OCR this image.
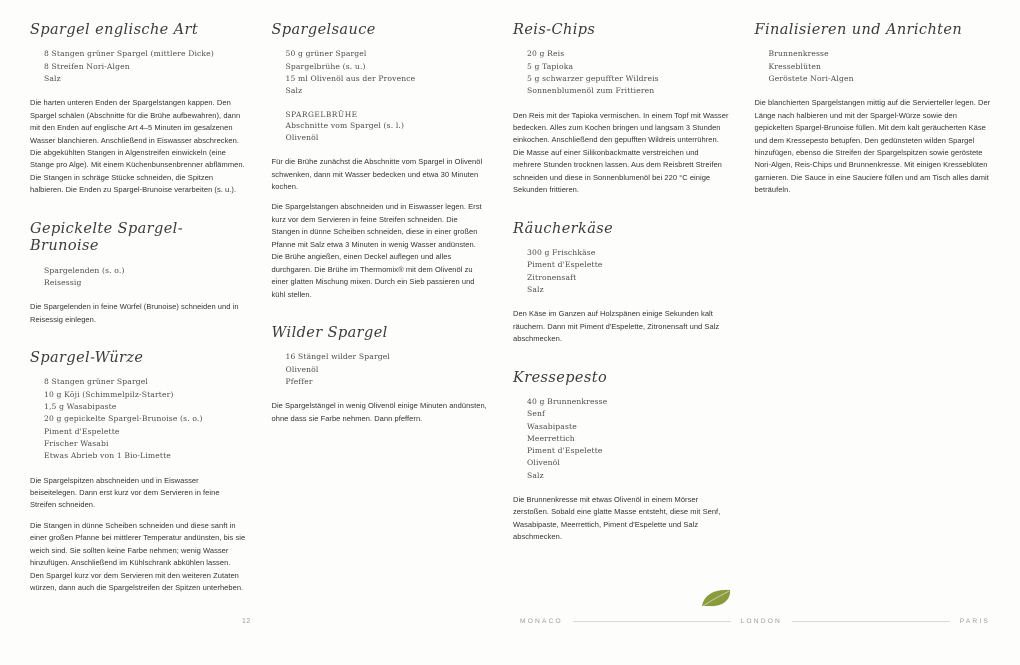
Spargel englische Art
8 Stangen grüner Spargel (mittlere Dicke)
8 Streifen Nori-Algen
Salz

Die harten unteren Enden der Spargelstangen kappen. Den Spargel schälen (Abschnitte für die Brühe aufbewahren), dann mit den Enden auf englische Art 4–5 Minuten im gesalzenen Wasser blanchieren. Anschließend in Eiswasser abschrecken. Die abgekühlten Stangen in Algenstreifen einwickeln (eine Stange pro Alge). Mit einem Küchenbunsenbrenner abflämmen. Die Stangen in schräge Stücke schneiden, die Spitzen halbieren. Die Enden zu Spargel-Brunoise verarbeiten (s. u.).

Gepickelte Spargel-Brunoise
Spargelenden (s. o.)
Reisessig

Die Spargelenden in feine Würfel (Brunoise) schneiden und in Reisessig einlegen.

Spargel-Würze
8 Stangen grüner Spargel
10 g Kōji (Schimmelpilz-Starter)
1,5 g Wasabipaste
20 g gepickelte Spargel-Brunoise (s. o.)
Piment d'Espelette
Frischer Wasabi
Etwas Abrieb von 1 Bio-Limette

Die Spargelspitzen abschneiden und in Eiswasser beiseitelegen. Dann erst kurz vor dem Servieren in feine Streifen schneiden.

Die Stangen in dünne Scheiben schneiden und diese sanft in einer großen Pfanne bei mittlerer Temperatur andünsten, bis sie weich sind. Sie sollten keine Farbe nehmen; wenig Wasser hinzufügen. Anschließend im Kühlschrank abkühlen lassen. Den Spargel kurz vor dem Servieren mit den weiteren Zutaten würzen, dann auch die Spargelstreifen der Spitzen unterheben.

Spargelsauce
50 g grüner Spargel
Spargelbrühe (s. u.)
15 ml Olivenöl aus der Provence
Salz
SPARGELBRÜHE
Abschnitte vom Spargel (s. l.)
Olivenöl

Für die Brühe zunächst die Abschnitte vom Spargel in Olivenöl schwenken, dann mit Wasser bedecken und etwa 30 Minuten kochen.

Die Spargelstangen abschneiden und in Eiswasser legen. Erst kurz vor dem Servieren in feine Streifen schneiden. Die Stangen in dünne Scheiben schneiden, diese in einer großen Pfanne mit Salz etwa 3 Minuten in wenig Wasser andünsten. Die Brühe angießen, einen Deckel auflegen und alles durchgaren. Die Brühe im Thermomix® mit dem Olivenöl zu einer glatten Mischung mixen. Durch ein Sieb passieren und kühl stellen.

Wilder Spargel
16 Stängel wilder Spargel
Olivenöl
Pfeffer

Die Spargelstängel in wenig Olivenöl einige Minuten andünsten, ohne dass sie Farbe nehmen. Dann pfeffern.

Reis-Chips
20 g Reis
5 g Tapioka
5 g schwarzer gepuffter Wildreis
Sonnenblumenöl zum Frittieren

Den Reis mit der Tapioka vermischen. In einem Topf mit Wasser bedecken. Alles zum Kochen bringen und langsam 3 Stunden einkochen. Anschließend den gepufften Wildreis unterrühren. Die Masse auf einer Silikonbackmatte verstreichen und mehrere Stunden trocknen lassen. Aus dem Reisbrett Streifen schneiden und diese in Sonnenblumenöl bei 220 °C einige Sekunden frittieren.

Räucherkäse
300 g Frischkäse
Piment d'Espelette
Zitronensaft
Salz

Den Käse im Ganzen auf Holzspänen einige Sekunden kalt räuchern. Dann mit Piment d'Espelette, Zitronensaft und Salz abschmecken.

Kressepesto
40 g Brunnenkresse
Senf
Wasabipaste
Meerrettich
Piment d'Espelette
Olivenöl
Salz

Die Brunnenkresse mit etwas Olivenöl in einem Mörser zerstoßen. Sobald eine glatte Masse entsteht, diese mit Senf, Wasabipaste, Meerrettich, Piment d'Espelette und Salz abschmecken.

Finalisieren und Anrichten
Brunnenkresse
Kresseblüten
Geröstete Nori-Algen

Die blanchierten Spargelstangen mittig auf die Servierteller legen. Der Länge nach halbieren und mit der Spargel-Würze sowie den gepickelten Spargel-Brunoise füllen. Mit dem kalt geräucherten Käse und dem Kressepesto betupfen. Den gedünsteten wilden Spargel hinzufügen, ebenso die Streifen der Spargelspitzen sowie geröstete Nori-Algen, Reis-Chips und Brunnenkresse. Mit einigen Kresseblüten garnieren. Die Sauce in eine Sauciere füllen und am Tisch alles damit beträufeln.

12	MONACO	LONDON	PARIS
